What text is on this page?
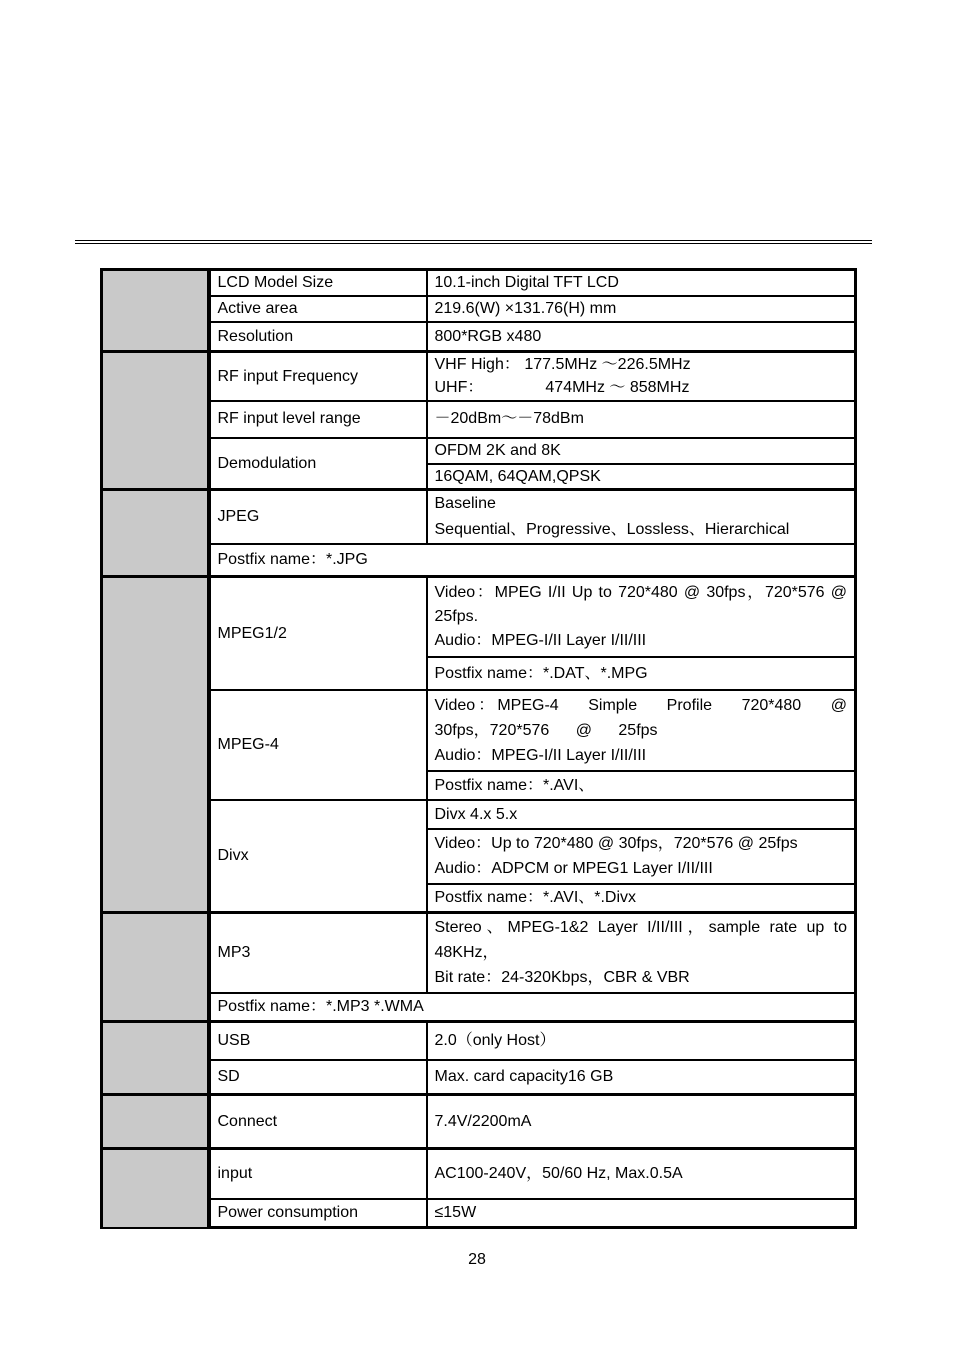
	LCD Model Size	10.1-inch Digital TFT LCD
	Active area	219.6(W) ×131.76(H) mm
	Resolution	800*RGB x480
	RF input Frequency	VHF High： 177.5MHz ～226.5MHz
UHF： 474MHz ～ 858MHz

	RF input level range	－20dBm～－78dBm
	Demodulation	OFDM 2K and 8K
		16QAM, 64QAM,QPSK
	JPEG	Baseline
Sequential、Progressive、Lossless、Hierarchical

	Postfix name：*.JPG	
	MPEG1/2	Video：MPEG I/II Up to 720*480 @ 30fps，720*576 @ 25fps.
Audio：MPEG-I/II Layer I/II/III

		Postfix name：*.DAT、*.MPG
	MPEG-4	Video：MPEG-4 Simple Profile 720*480 @ 30fps，720*576 @ 25fps
Audio：MPEG-I/II Layer I/II/III

		Postfix name：*.AVI、
	Divx	Divx 4.x 5.x

		Video：Up to 720*480 @ 30fps，720*576 @ 25fps
Audio：ADPCM or MPEG1 Layer I/II/III

		Postfix name：*.AVI、*.Divx
	MP3	Stereo、MPEG-1&2 Layer I/II/III，sample rate up to 48KHz，
Bit rate：24-320Kbps，CBR & VBR

	Postfix name：*.MP3 *.WMA	
	USB	2.0（only Host）
	SD	Max. card capacity16 GB
	Connect	7.4V/2200mA
	input	AC100-240V，50/60 Hz, Max.0.5A
	Power consumption	≤15W
28
